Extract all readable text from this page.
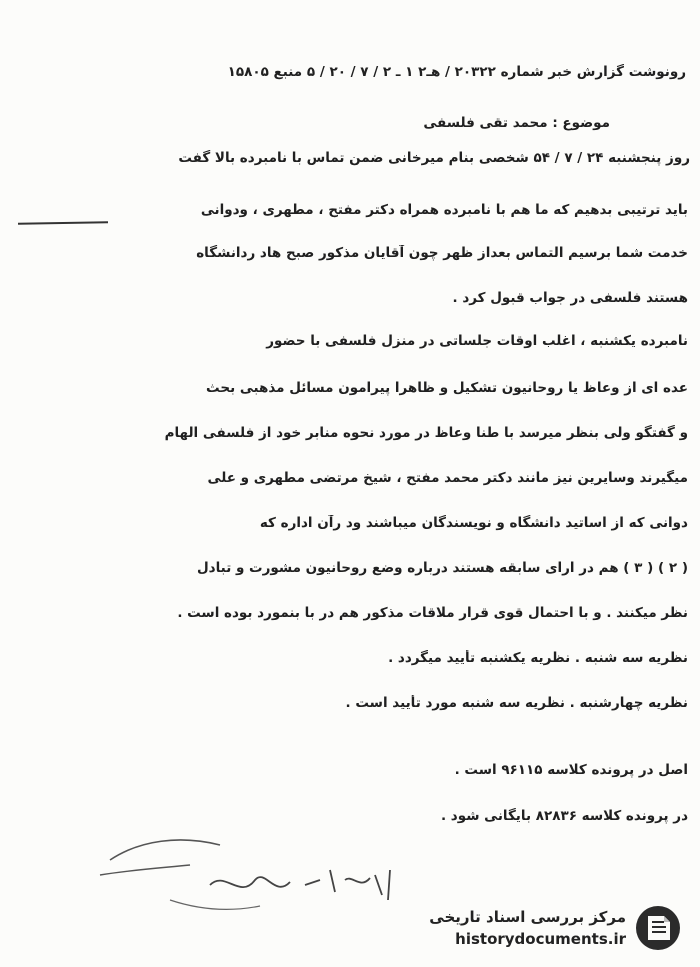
رونوشت گزارش خبر شماره ۲۰۳۲۲ / هـ۲ ۱ ـ ۲ / ۷ / ۲۰ / ۵ منبع ۱۵۸۰۵
موضوع : محمد تقی فلسفی
روز پنجشنبه ۲۴ / ۷ / ۵۴ شخصی بنام میرخانی ضمن تماس با نامبرده بالا گفت
باید ترتیبی بدهیم که ما هم با نامبرده همراه دکتر مفتح ، مطهری ، ودوانی
خدمت شما برسیم التماس بعداز ظهر چون آقایان مذکور صبح هاد ردانشگاه
هستند فلسفی در جواب قبول کرد .
نامبرده یکشنبه ، اغلب اوقات جلساتی در منزل فلسفی با حضور
عده ای از وعاظ یا روحانیون تشکیل و ظاهرا پیرامون مسائل مذهبی بحث
و گفتگو ولی بنظر میرسد با طنا وعاظ در مورد نحوه منابر خود از فلسفی الهام
میگیرند وسایرین نیز مانند دکتر محمد مفتح ، شیخ مرتضی مطهری و علی
دوانی که از اساتید دانشگاه و نویسندگان میباشند ود رآن اداره که
( ۲ ) ( ۳ ) هم در ارای سابقه هستند درباره وضع روحانیون مشورت و تبادل
نظر میکنند . و با احتمال قوی قرار ملاقات مذکور هم در با بنمورد بوده است .
نظریه سه شنبه . نظریه یکشنبه تأیید میگردد .
نظریه چهارشنبه . نظریه سه شنبه مورد تأیید است .
اصل در پرونده کلاسه ۹۶۱۱۵ است .
در پرونده کلاسه ۸۲۸۳۶ بایگانی شود .
مرکز بررسی اسناد تاریخی
historydocuments.ir
